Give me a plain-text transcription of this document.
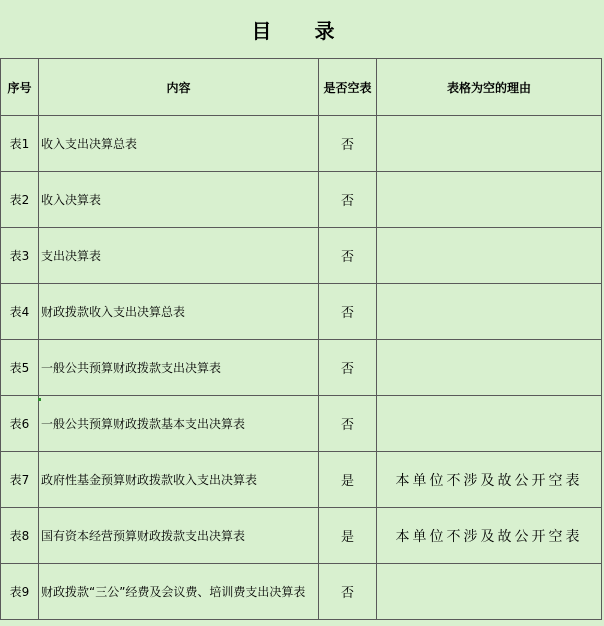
目 录
序号	内容	是否空表	表格为空的理由
表1	收入支出决算总表	否	
表2	收入决算表	否	
表3	支出决算表	否	
表4	财政拨款收入支出决算总表	否	
表5	一般公共预算财政拨款支出决算表	否	
表6	一般公共预算财政拨款基本支出决算表	否	
表7	政府性基金预算财政拨款收入支出决算表	是	本单位不涉及故公开空表
表8	国有资本经营预算财政拨款支出决算表	是	本单位不涉及故公开空表
表9	财政拨款“三公”经费及会议费、培训费支出决算表	否	
